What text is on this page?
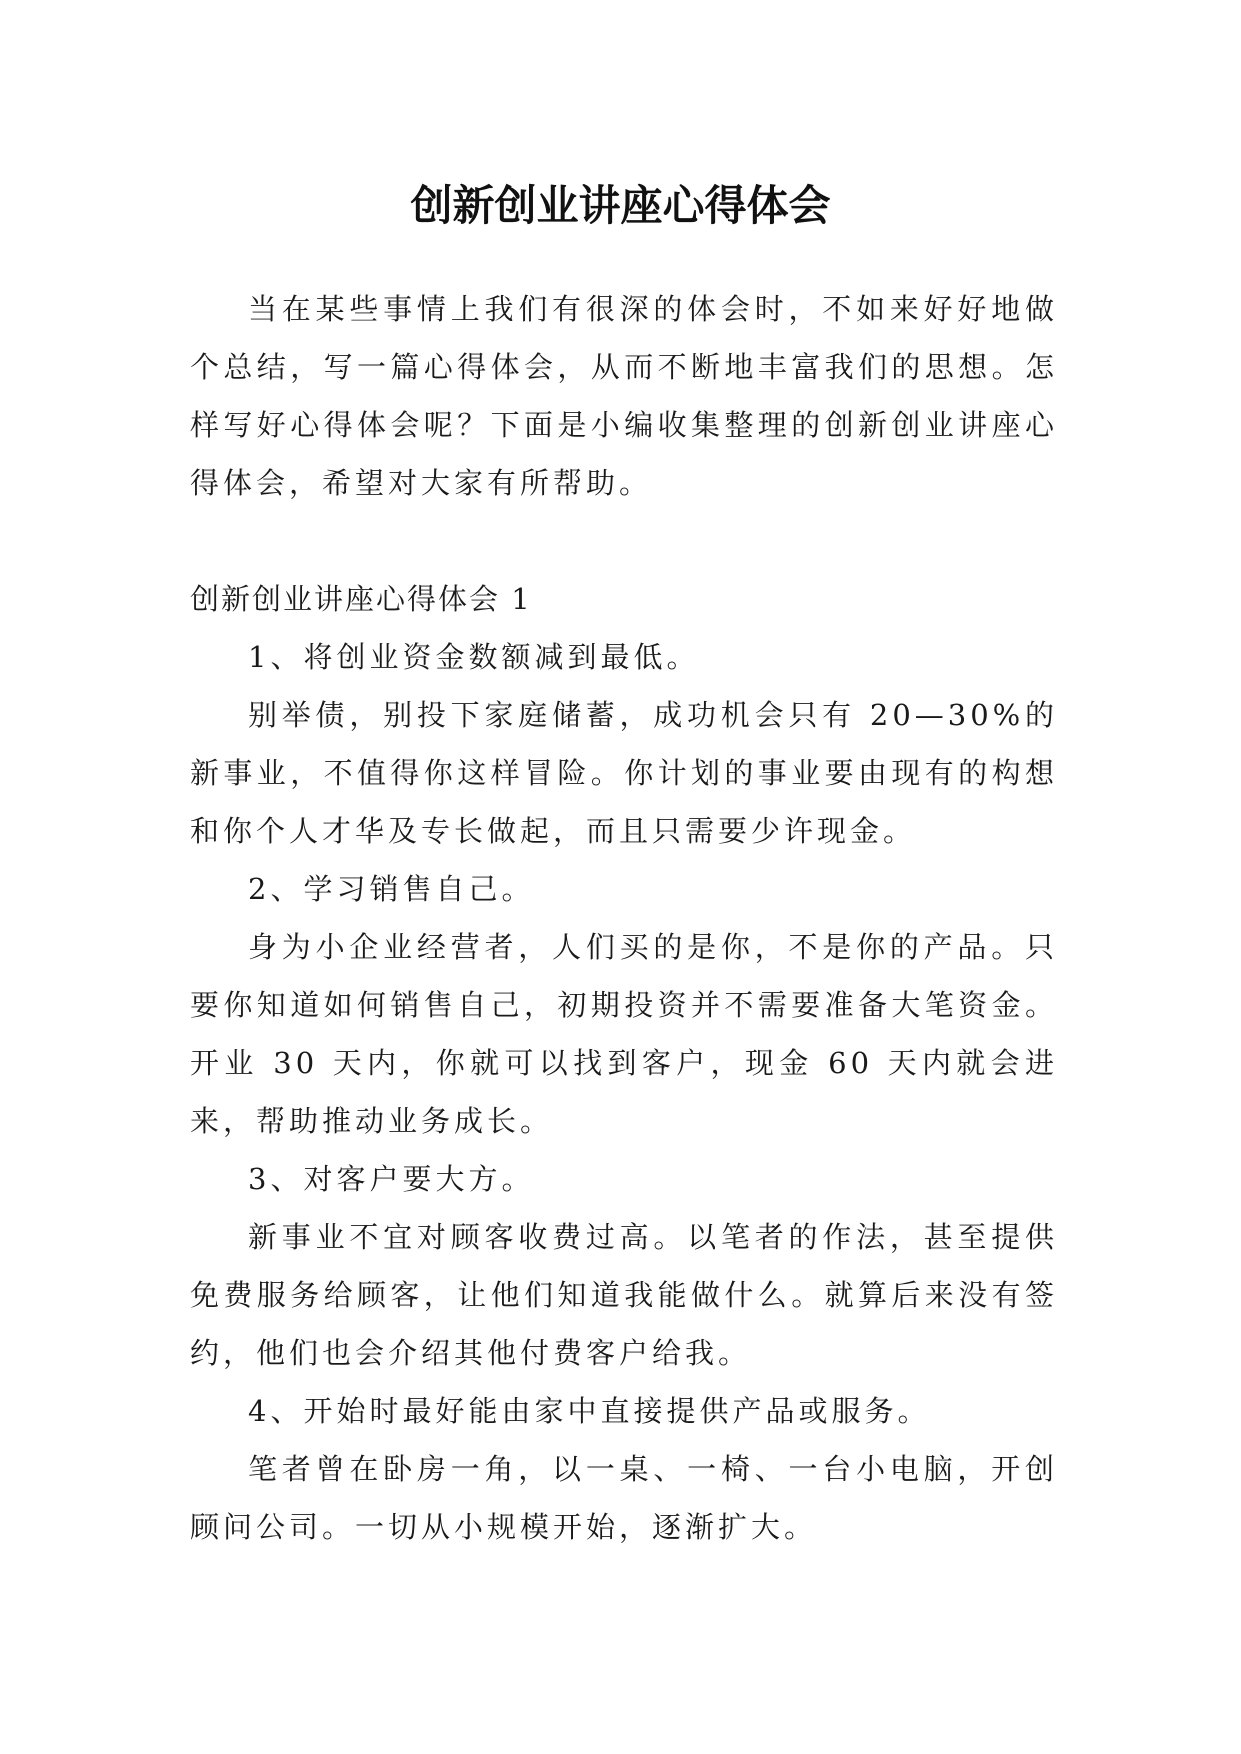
创新创业讲座心得体会

当在某些事情上我们有很深的体会时，不如来好好地做个总结，写一篇心得体会，从而不断地丰富我们的思想。怎样写好心得体会呢？下面是小编收集整理的创新创业讲座心得体会，希望对大家有所帮助。

创新创业讲座心得体会 1

1、将创业资金数额减到最低。

别举债，别投下家庭储蓄，成功机会只有 20—30%的新事业，不值得你这样冒险。你计划的事业要由现有的构想和你个人才华及专长做起，而且只需要少许现金。

2、学习销售自己。

身为小企业经营者，人们买的是你，不是你的产品。只要你知道如何销售自己，初期投资并不需要准备大笔资金。开业 30 天内，你就可以找到客户，现金 60 天内就会进来，帮助推动业务成长。

3、对客户要大方。

新事业不宜对顾客收费过高。以笔者的作法，甚至提供免费服务给顾客，让他们知道我能做什么。就算后来没有签约，他们也会介绍其他付费客户给我。

4、开始时最好能由家中直接提供产品或服务。

笔者曾在卧房一角，以一桌、一椅、一台小电脑，开创顾问公司。一切从小规模开始，逐渐扩大。
